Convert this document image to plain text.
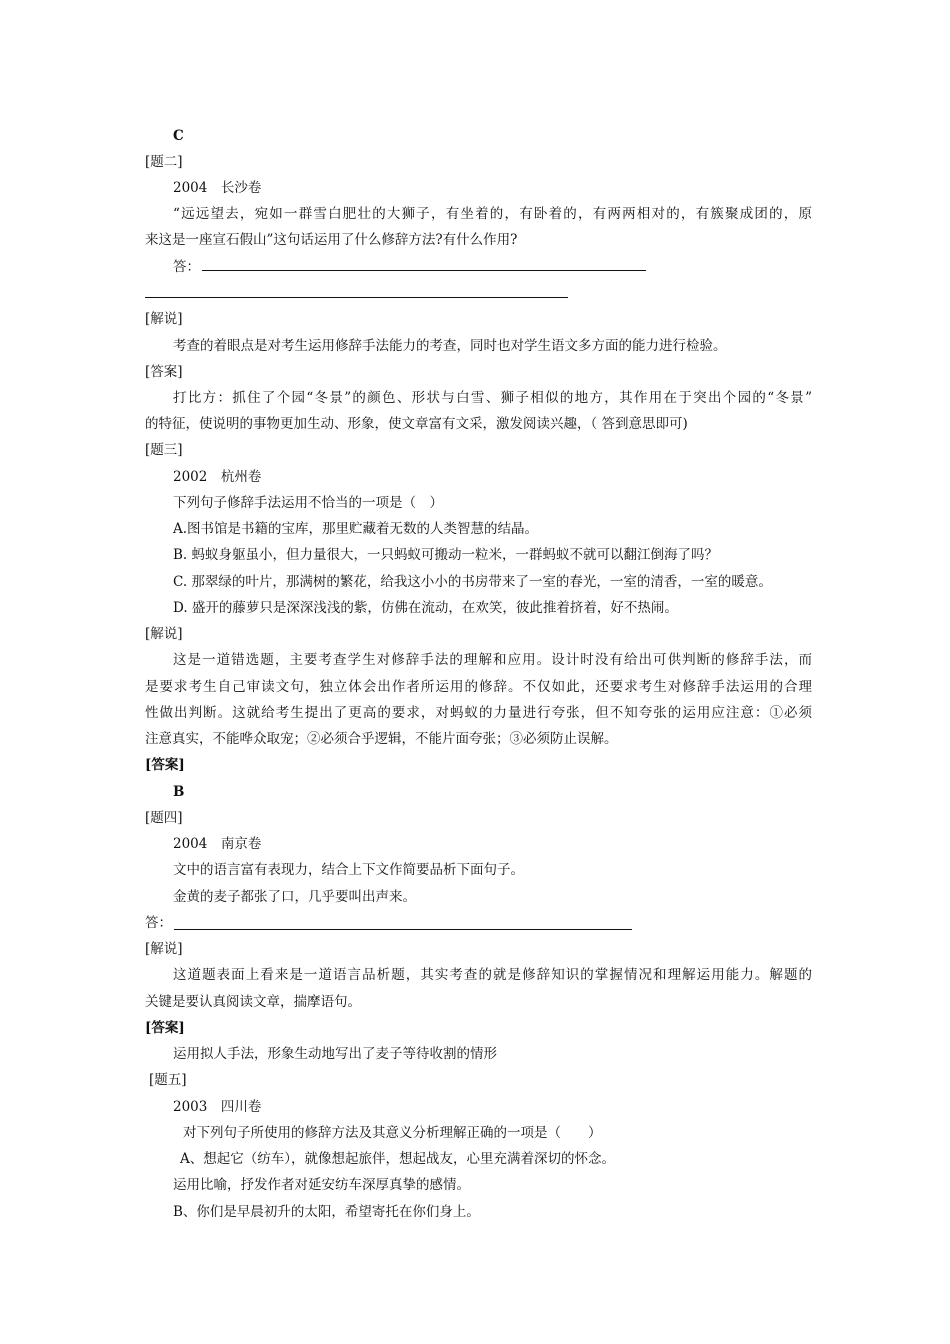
C
[题二]
2004　长沙卷
“远远望去，宛如一群雪白肥壮的大狮子，有坐着的，有卧着的，有两两相对的，有簇聚成团的，原
来这是一座宣石假山”这句话运用了什么修辞方法?有什么作用?
答：
[解说]
考查的着眼点是对考生运用修辞手法能力的考查，同时也对学生语文多方面的能力进行检验。
[答案]
打比方：抓住了个园“冬景”的颜色、形状与白雪、狮子相似的地方，其作用在于突出个园的“冬景”
的特征，使说明的事物更加生动、形象，使文章富有文采，激发阅读兴趣，（ 答到意思即可)
[题三]
2002　杭州卷
下列句子修辞手法运用不恰当的一项是（　）
A.图书馆是书籍的宝库，那里贮藏着无数的人类智慧的结晶。
B. 蚂蚁身躯虽小，但力量很大，一只蚂蚁可搬动一粒米，一群蚂蚁不就可以翻江倒海了吗？
C. 那翠绿的叶片，那满树的繁花，给我这小小的书房带来了一室的春光，一室的清香，一室的暖意。
D. 盛开的藤萝只是深深浅浅的紫，仿佛在流动，在欢笑，彼此推着挤着，好不热闹。
[解说]
这是一道错选题，主要考查学生对修辞手法的理解和应用。设计时没有给出可供判断的修辞手法，而
是要求考生自己审读文句，独立体会出作者所运用的修辞。不仅如此，还要求考生对修辞手法运用的合理
性做出判断。这就给考生提出了更高的要求，对蚂蚁的力量进行夸张，但不知夸张的运用应注意：①必须
注意真实，不能哗众取宠；②必须合乎逻辑，不能片面夸张；③必须防止误解。
[答案]
B
[题四]
2004　南京卷
文中的语言富有表现力，结合上下文作简要品析下面句子。
金黄的麦子都张了口，几乎要叫出声来。
答：
[解说]
这道题表面上看来是一道语言品析题，其实考查的就是修辞知识的掌握情况和理解运用能力。解题的
关键是要认真阅读文章，揣摩语句。
[答案]
运用拟人手法，形象生动地写出了麦子等待收割的情形
[题五]
2003　四川卷
对下列句子所使用的修辞方法及其意义分析理解正确的一项是（　　）
A、想起它（纺车），就像想起旅伴，想起战友，心里充满着深切的怀念。
运用比喻，抒发作者对延安纺车深厚真挚的感情。
B、你们是早晨初升的太阳，希望寄托在你们身上。
